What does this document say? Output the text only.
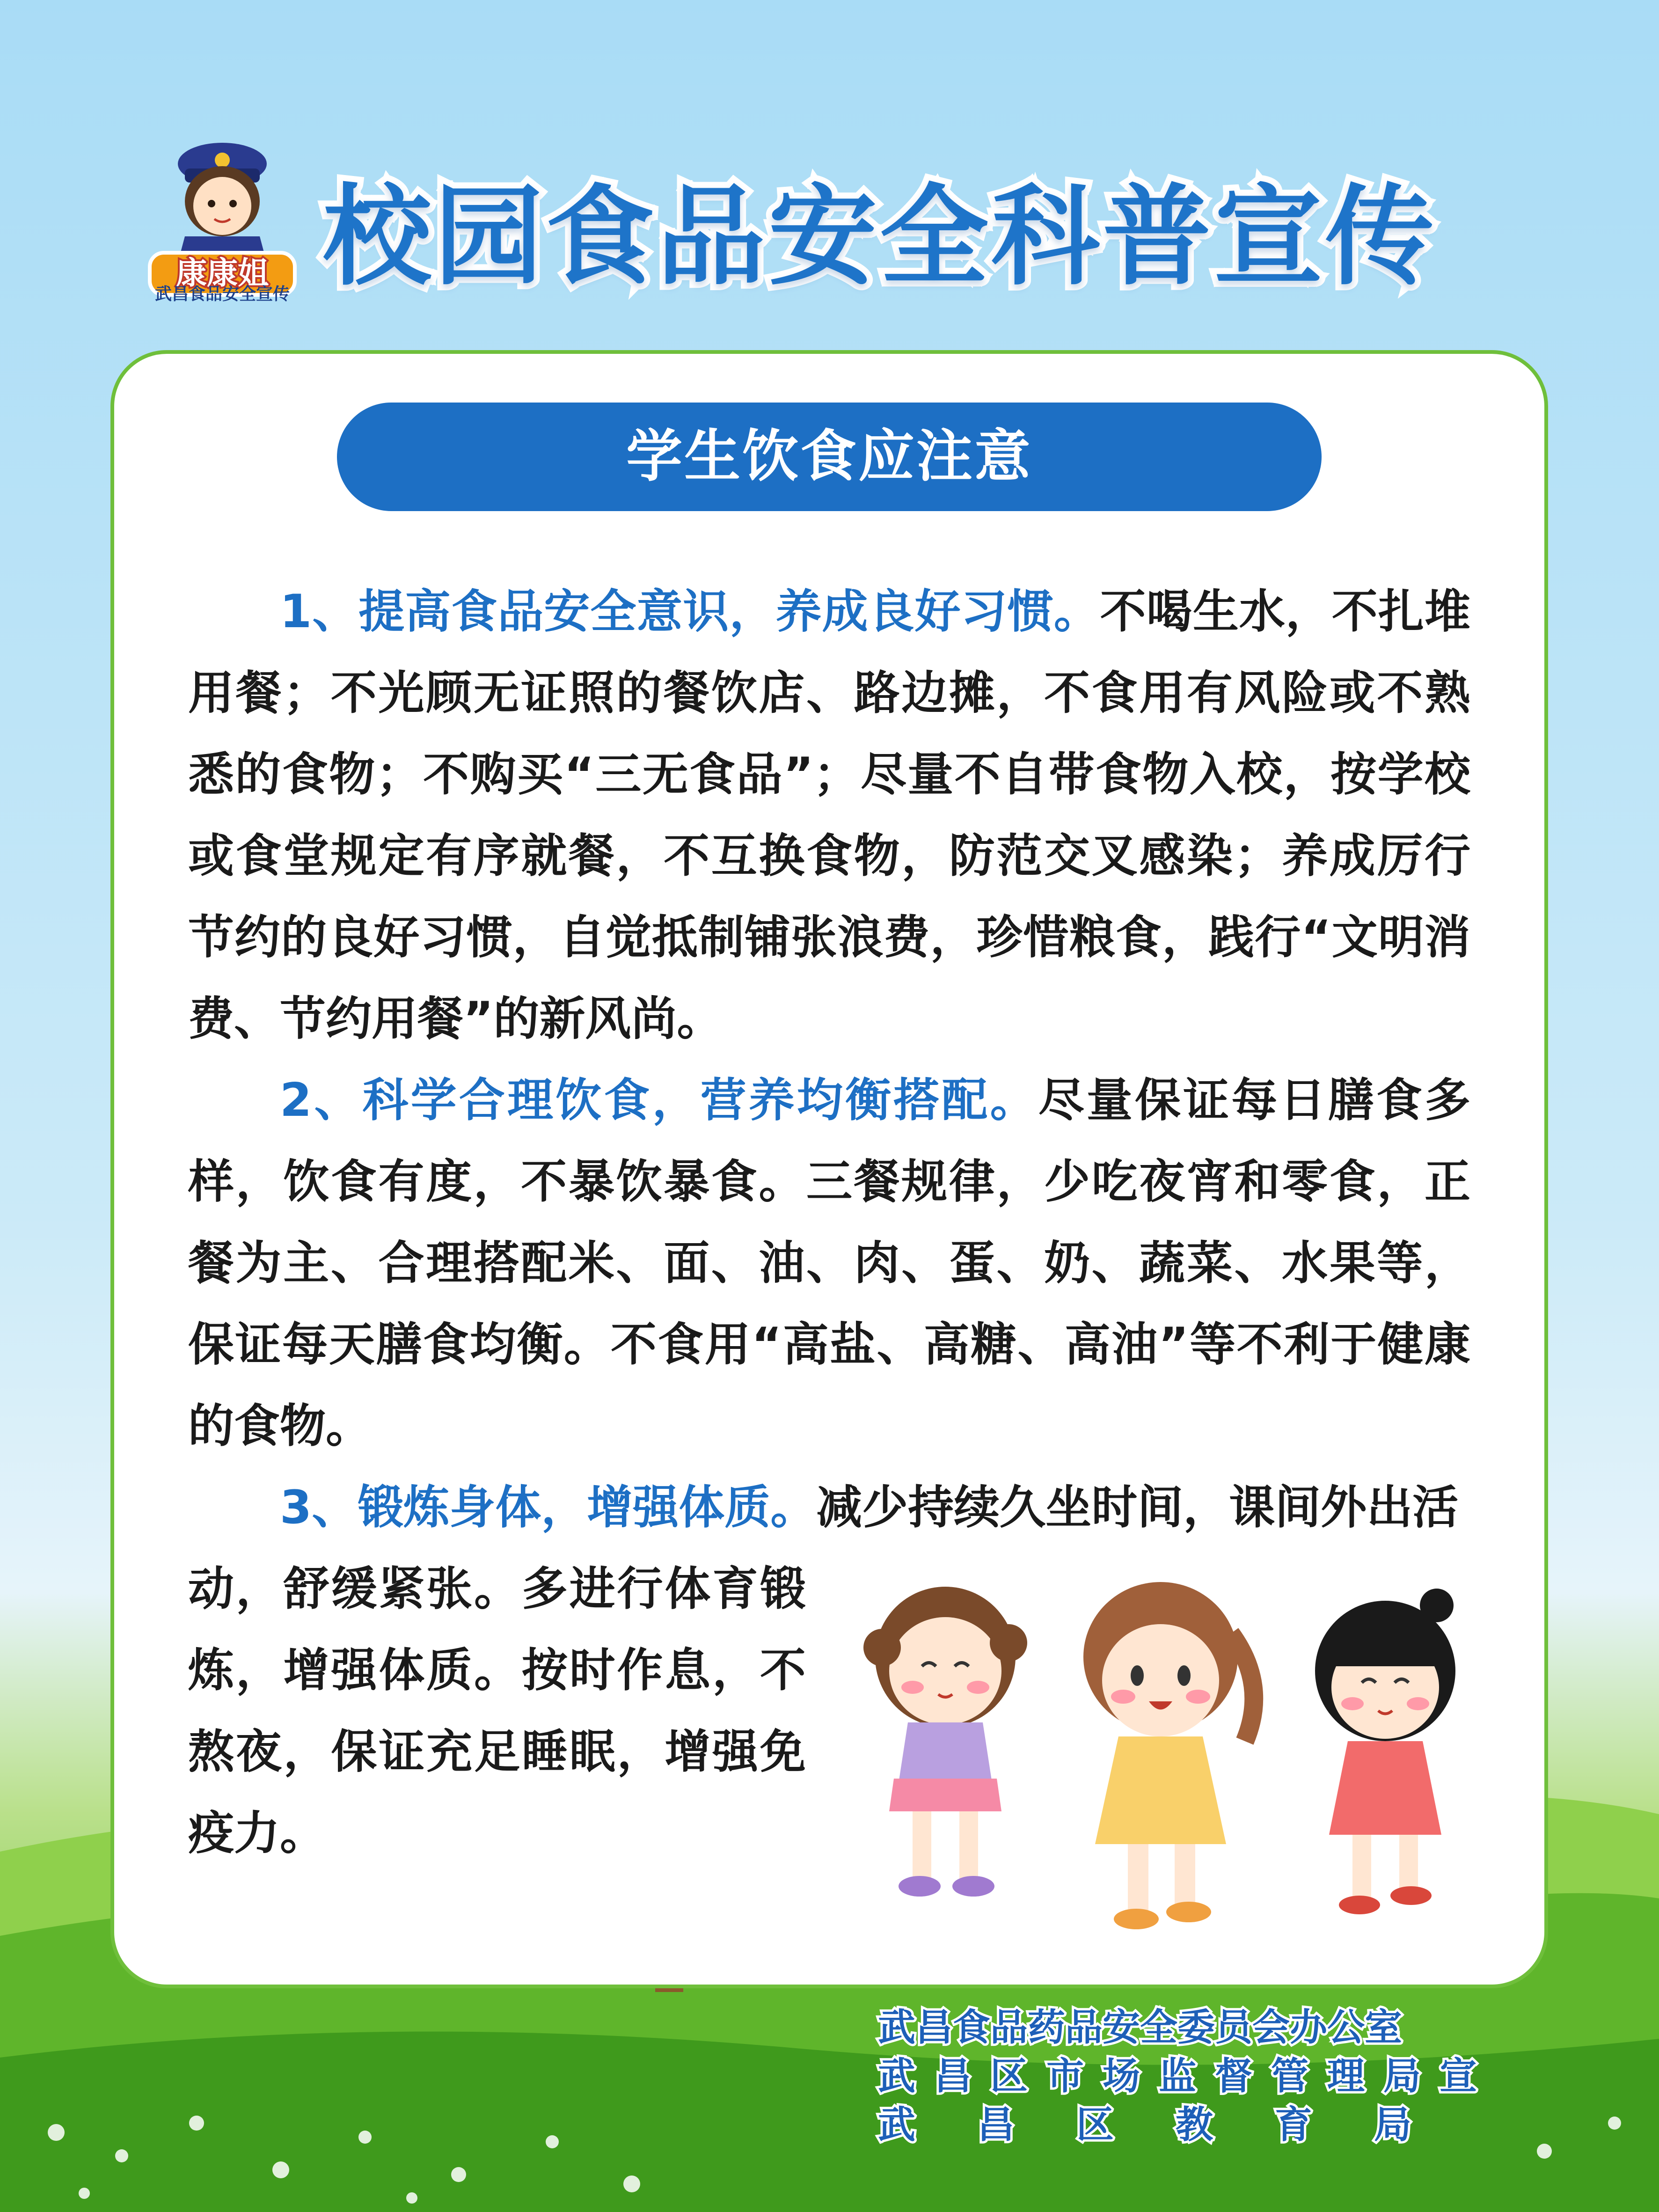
康康姐
武昌食品安全宣传 校园食品安全科普宣传
学生饮食应注意

1、提高食品安全意识，养成良好习惯。不喝生水，不扎堆用餐；不光顾无证照的餐饮店、路边摊，不食用有风险或不熟悉的食物；不购买“三无食品”；尽量不自带食物入校，按学校或食堂规定有序就餐，不互换食物，防范交叉感染；养成厉行节约的良好习惯，自觉抵制铺张浪费，珍惜粮食，践行“文明消费、节约用餐”的新风尚。

2、科学合理饮食，营养均衡搭配。尽量保证每日膳食多样，饮食有度，不暴饮暴食。三餐规律，少吃夜宵和零食，正餐为主、合理搭配米、面、油、肉、蛋、奶、蔬菜、水果等，保证每天膳食均衡。不食用“高盐、高糖、高油”等不利于健康的食物。

3、锻炼身体，增强体质。减少持续久坐时间，课间外出活

动，舒缓紧张。多进行体育锻炼，增强体质。按时作息，不熬夜，保证充足睡眠，增强免疫力。

武昌食品药品安全委员会办公室
武 昌 区 市 场 监 督 管 理 局 宣
武 昌 区 教 育 局
